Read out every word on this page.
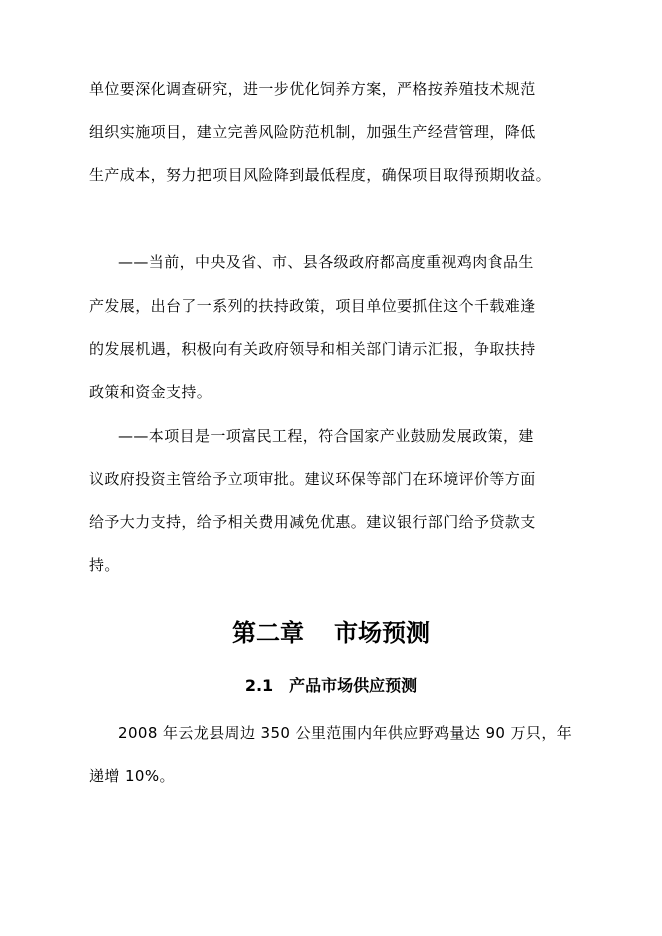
单位要深化调查研究，进一步优化饲养方案，严格按养殖技术规范
组织实施项目，建立完善风险防范机制，加强生产经营管理，降低
生产成本，努力把项目风险降到最低程度，确保项目取得预期收益。
——当前，中央及省、市、县各级政府都高度重视鸡肉食品生
产发展，出台了一系列的扶持政策，项目单位要抓住这个千载难逢
的发展机遇，积极向有关政府领导和相关部门请示汇报，争取扶持
政策和资金支持。
——本项目是一项富民工程，符合国家产业鼓励发展政策，建
议政府投资主管给予立项审批。建议环保等部门在环境评价等方面
给予大力支持，给予相关费用减免优惠。建议银行部门给予贷款支
持。
第二章 市场预测
2.1 产品市场供应预测
2008 年云龙县周边 350 公里范围内年供应野鸡量达 90 万只，年
递增 10%。
